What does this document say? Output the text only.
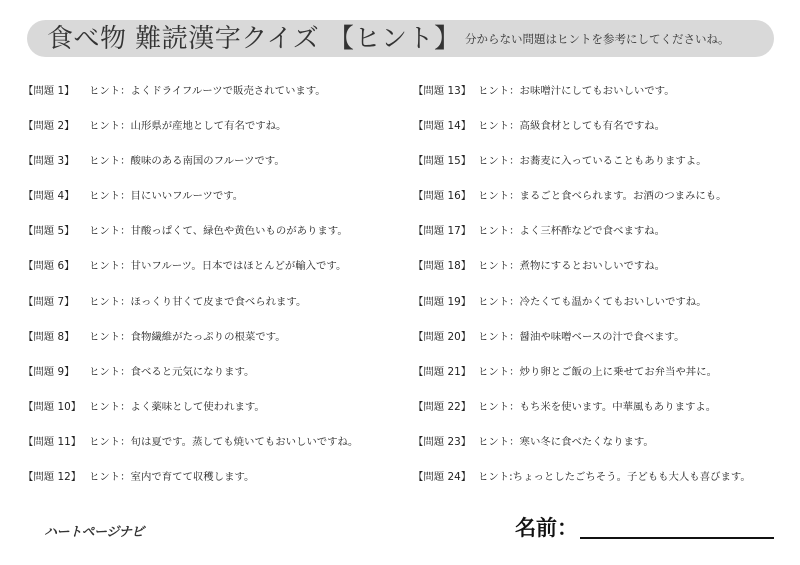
食べ物 難読漢字クイズ 【ヒント】 分からない問題はヒントを参考にしてくださいね。
【問題 1】	ヒント：よくドライフルーツで販売されています。
【問題 2】	ヒント：山形県が産地として有名ですね。
【問題 3】	ヒント：酸味のある南国のフルーツです。
【問題 4】	ヒント：目にいいフルーツです。
【問題 5】	ヒント：甘酸っぱくて、緑色や黄色いものがあります。
【問題 6】	ヒント：甘いフルーツ。日本ではほとんどが輸入です。
【問題 7】	ヒント：ほっくり甘くて皮まで食べられます。
【問題 8】	ヒント：食物繊維がたっぷりの根菜です。
【問題 9】	ヒント：食べると元気になります。
【問題 10】 ヒント：よく薬味として使われます。
【問題 11】 ヒント：旬は夏です。蒸しても焼いてもおいしいですね。
【問題 12】 ヒント：室内で育てて収穫します。
【問題 13】 ヒント：お味噌汁にしてもおいしいです。
【問題 14】 ヒント：高級食材としても有名ですね。
【問題 15】 ヒント：お蕎麦に入っていることもありますよ。
【問題 16】 ヒント：まるごと食べられます。お酒のつまみにも。
【問題 17】 ヒント：よく三杯酢などで食べますね。
【問題 18】 ヒント：煮物にするとおいしいですね。
【問題 19】 ヒント：冷たくても温かくてもおいしいですね。
【問題 20】 ヒント：醤油や味噌ベースの汁で食べます。
【問題 21】 ヒント：炒り卵とご飯の上に乗せてお弁当や丼に。
【問題 22】 ヒント：もち米を使います。中華風もありますよ。
【問題 23】 ヒント：寒い冬に食べたくなります。
【問題 24】 ヒント:ちょっとしたごちそう。子どもも大人も喜びます。
ハートページナビ	名前：
